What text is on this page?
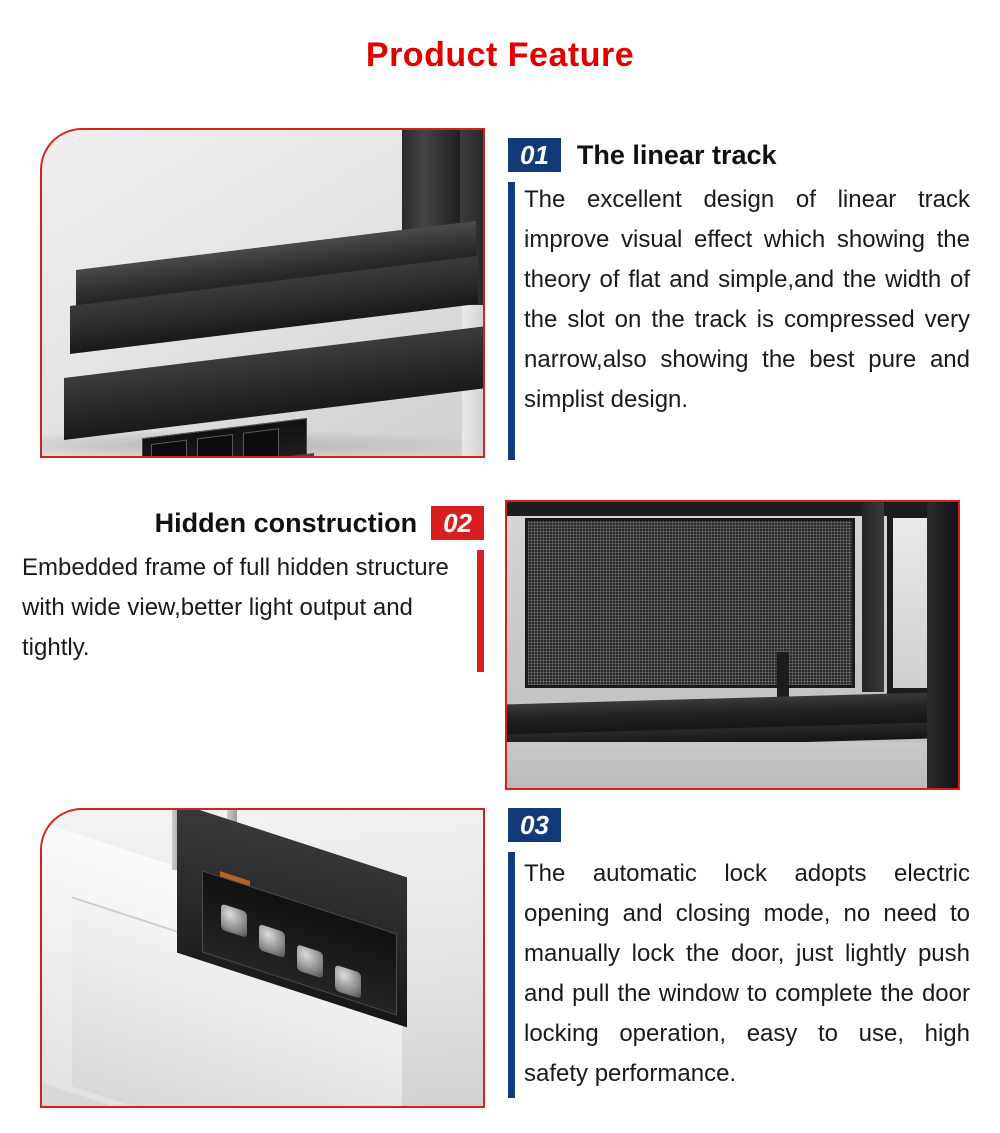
Product Feature
01	The linear track
The excellent design of linear track improve visual effect which showing the theory of flat and simple,and the width of the slot on the track is compressed very narrow,also showing the best pure and simplist design.
Hidden construction	02
Embedded frame of full hidden structure with wide view,better light output and tightly.
03
The automatic lock adopts electric opening and closing mode, no need to manually lock the door, just lightly push and pull the window to complete the door locking operation, easy to use, high safety performance.
